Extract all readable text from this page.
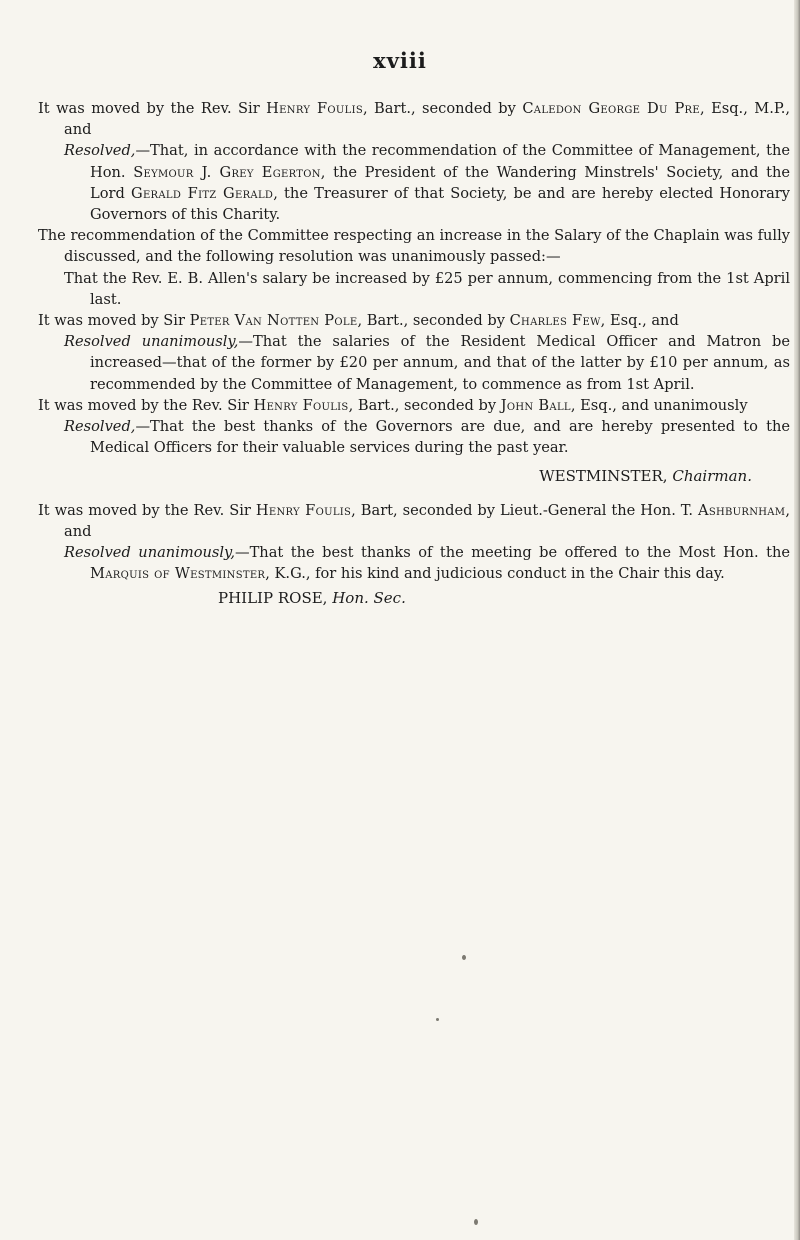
xviii

It was moved by the Rev. Sir Henry Foulis, Bart., seconded by Caledon George Du Pre, Esq., M.P., and

Resolved,—That, in accordance with the recommendation of the Committee of Management, the Hon. Seymour J. Grey Egerton, the President of the Wandering Minstrels' Society, and the Lord Gerald Fitz Gerald, the Treasurer of that Society, be and are hereby elected Honorary Governors of this Charity.

The recommendation of the Committee respecting an increase in the Salary of the Chaplain was fully discussed, and the following resolution was unanimously passed:—

That the Rev. E. B. Allen's salary be increased by £25 per annum, commencing from the 1st April last.

It was moved by Sir Peter Van Notten Pole, Bart., seconded by Charles Few, Esq., and

Resolved unanimously,—That the salaries of the Resident Medical Officer and Matron be increased—that of the former by £20 per annum, and that of the latter by £10 per annum, as recommended by the Committee of Management, to commence as from 1st April.

It was moved by the Rev. Sir Henry Foulis, Bart., seconded by John Ball, Esq., and unanimously

Resolved,—That the best thanks of the Governors are due, and are hereby presented to the Medical Officers for their valuable services during the past year.

WESTMINSTER, Chairman.

It was moved by the Rev. Sir Henry Foulis, Bart, seconded by Lieut.-General the Hon. T. Ashburnham, and

Resolved unanimously,—That the best thanks of the meeting be offered to the Most Hon. the Marquis of Westminster, K.G., for his kind and judicious conduct in the Chair this day.

PHILIP ROSE, Hon. Sec.
